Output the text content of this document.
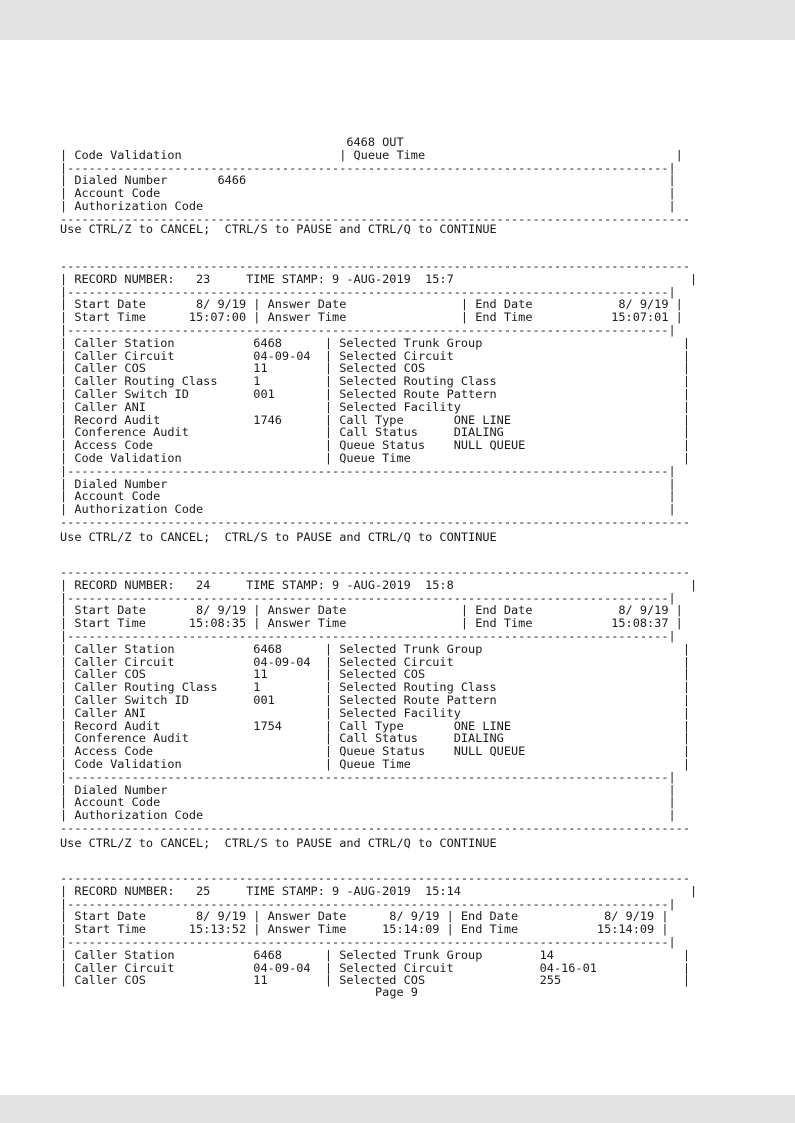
6468 OUT
| Code Validation                      | Queue Time                                   |
|------------------------------------------------------------------------------------|
| Dialed Number       6466                                                           |
| Account Code                                                                       |
| Authorization Code                                                                 |
----------------------------------------------------------------------------------------
Use CTRL/Z to CANCEL;  CTRL/S to PAUSE and CTRL/Q to CONTINUE
----------------------------------------------------------------------------------------
| RECORD NUMBER:   23     TIME STAMP: 9 -AUG-2019  15:7                                 |
|------------------------------------------------------------------------------------|
| Start Date       8/ 9/19 | Answer Date                | End Date            8/ 9/19 |
| Start Time      15:07:00 | Answer Time                | End Time           15:07:01 |
|------------------------------------------------------------------------------------|
| Caller Station           6468      | Selected Trunk Group                            |
| Caller Circuit           04-09-04  | Selected Circuit                                |
| Caller COS               11        | Selected COS                                    |
| Caller Routing Class     1         | Selected Routing Class                          |
| Caller Switch ID         001       | Selected Route Pattern                          |
| Caller ANI                         | Selected Facility                               |
| Record Audit             1746      | Call Type       ONE LINE                        |
| Conference Audit                   | Call Status     DIALING                         |
| Access Code                        | Queue Status    NULL QUEUE                      |
| Code Validation                    | Queue Time                                      |
|------------------------------------------------------------------------------------|
| Dialed Number                                                                      |
| Account Code                                                                       |
| Authorization Code                                                                 |
----------------------------------------------------------------------------------------
Use CTRL/Z to CANCEL;  CTRL/S to PAUSE and CTRL/Q to CONTINUE
----------------------------------------------------------------------------------------
| RECORD NUMBER:   24     TIME STAMP: 9 -AUG-2019  15:8                                 |
|------------------------------------------------------------------------------------|
| Start Date       8/ 9/19 | Answer Date                | End Date            8/ 9/19 |
| Start Time      15:08:35 | Answer Time                | End Time           15:08:37 |
|------------------------------------------------------------------------------------|
| Caller Station           6468      | Selected Trunk Group                            |
| Caller Circuit           04-09-04  | Selected Circuit                                |
| Caller COS               11        | Selected COS                                    |
| Caller Routing Class     1         | Selected Routing Class                          |
| Caller Switch ID         001       | Selected Route Pattern                          |
| Caller ANI                         | Selected Facility                               |
| Record Audit             1754      | Call Type       ONE LINE                        |
| Conference Audit                   | Call Status     DIALING                         |
| Access Code                        | Queue Status    NULL QUEUE                      |
| Code Validation                    | Queue Time                                      |
|------------------------------------------------------------------------------------|
| Dialed Number                                                                      |
| Account Code                                                                       |
| Authorization Code                                                                 |
----------------------------------------------------------------------------------------
Use CTRL/Z to CANCEL;  CTRL/S to PAUSE and CTRL/Q to CONTINUE
----------------------------------------------------------------------------------------
| RECORD NUMBER:   25     TIME STAMP: 9 -AUG-2019  15:14                                |
|------------------------------------------------------------------------------------|
| Start Date       8/ 9/19 | Answer Date      8/ 9/19 | End Date            8/ 9/19 |
| Start Time      15:13:52 | Answer Time     15:14:09 | End Time           15:14:09 |
|------------------------------------------------------------------------------------|
| Caller Station           6468      | Selected Trunk Group        14                  |
| Caller Circuit           04-09-04  | Selected Circuit            04-16-01            |
| Caller COS               11        | Selected COS                255                 |
Page 9
